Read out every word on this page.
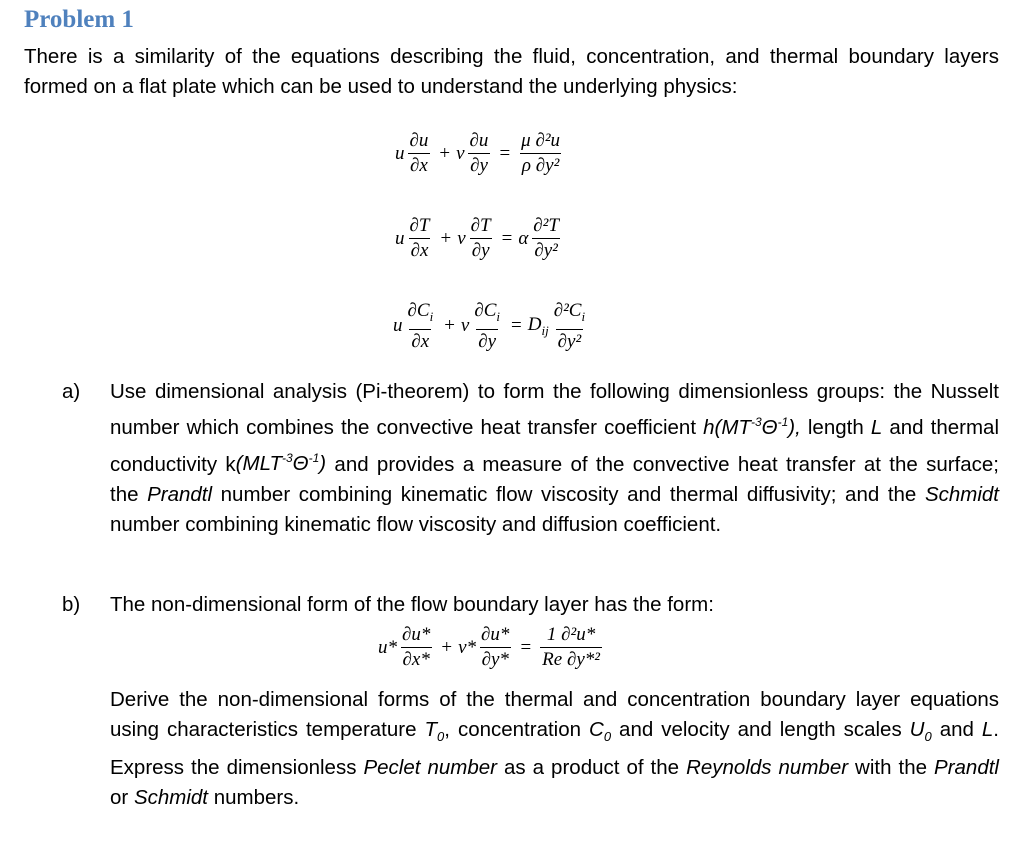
Problem 1
There is a similarity of the equations describing the fluid, concentration, and thermal boundary layers formed on a flat plate which can be used to understand the underlying physics:
u $\frac{\partial u}{\partial x} + v \frac{\partial u}{\partial y} = \frac{\text{μ ∂²u}}{\text{ρ ∂y²}}$
u $\frac{\partial T}{\partial x} + v \frac{\partial T}{\partial y} = \alpha \frac{\text{∂²T}}{\text{∂y²}}$
u $\frac{\partial C_i}{\partial x} + v \frac{\partial C_i}{\partial y} = D_{ij} \frac{\partial^2C_i}{\text{∂y²}}$
a) Use dimensional analysis (Pi-theorem) to form the following dimensionless groups: the Nusselt number which combines the convective heat transfer coefficient $h(MT^{-3}\Theta^{-1})$, length L and thermal conductivity $k(MLT^{-3}\Theta^{-1})$ and provides a measure of the convective heat transfer at the surface; the Prandtl number combining kinematic flow viscosity and thermal diffusivity; and the Schmidt number combining kinematic flow viscosity and diffusion coefficient.
b) The non-dimensional form of the flow boundary layer has the form:
$u* \frac{\partial u*}{\partial x*} + v* \frac{\partial u*}{\partial y*} = \frac{\text{1 ∂²u*}}{\text{Re ∂y*²}}$
Derive the non-dimensional forms of the thermal and concentration boundary layer equations using characteristics temperature $T_0$, concentration $C_0$ and velocity and length scales $U_0$ and L. Express the dimensionless Peclet number as a product of the Reynolds number with the Prandtl or Schmidt numbers.
